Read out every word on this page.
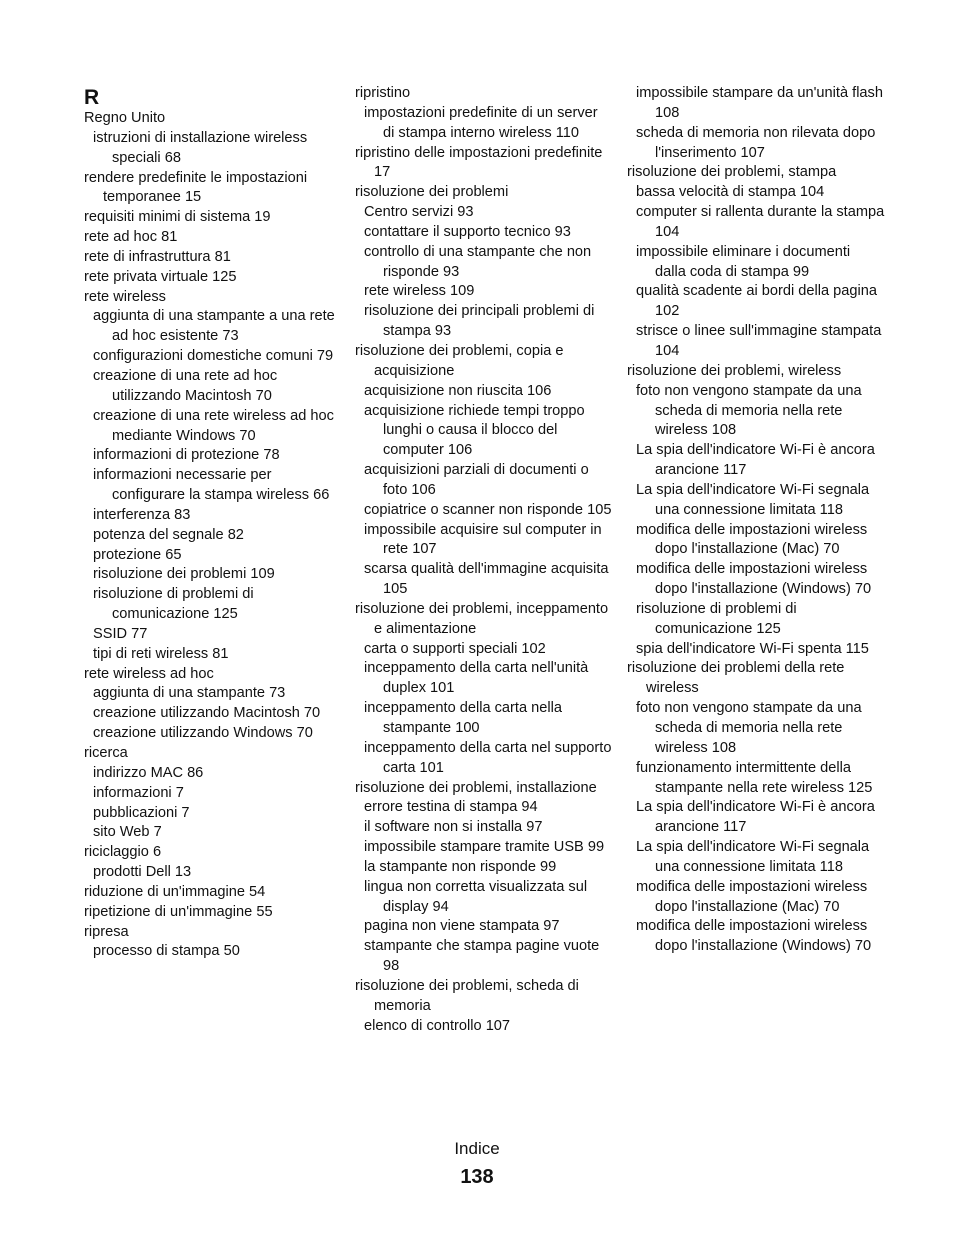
R
Regno Unito
istruzioni di installazione wireless speciali 68
rendere predefinite le impostazioni temporanee 15
requisiti minimi di sistema 19
rete ad hoc 81
rete di infrastruttura 81
rete privata virtuale 125
rete wireless
aggiunta di una stampante a una rete ad hoc esistente 73
configurazioni domestiche comuni 79
creazione di una rete ad hoc utilizzando Macintosh 70
creazione di una rete wireless ad hoc mediante Windows 70
informazioni di protezione 78
informazioni necessarie per configurare la stampa wireless 66
interferenza 83
potenza del segnale 82
protezione 65
risoluzione dei problemi 109
risoluzione di problemi di comunicazione 125
SSID 77
tipi di reti wireless 81
rete wireless ad hoc
aggiunta di una stampante 73
creazione utilizzando Macintosh 70
creazione utilizzando Windows 70
ricerca
indirizzo MAC 86
informazioni 7
pubblicazioni 7
sito Web 7
riciclaggio 6
prodotti Dell 13
riduzione di un'immagine 54
ripetizione di un'immagine 55
ripresa
processo di stampa 50
ripristino
impostazioni predefinite di un server di stampa interno wireless 110
ripristino delle impostazioni predefinite 17
risoluzione dei problemi
Centro servizi 93
contattare il supporto tecnico 93
controllo di una stampante che non risponde 93
rete wireless 109
risoluzione dei principali problemi di stampa 93
risoluzione dei problemi, copia e acquisizione
acquisizione non riuscita 106
acquisizione richiede tempi troppo lunghi o causa il blocco del computer 106
acquisizioni parziali di documenti o foto 106
copiatrice o scanner non risponde 105
impossibile acquisire sul computer in rete 107
scarsa qualità dell'immagine acquisita 105
risoluzione dei problemi, inceppamento e alimentazione
carta o supporti speciali 102
inceppamento della carta nell'unità duplex 101
inceppamento della carta nella stampante 100
inceppamento della carta nel supporto carta 101
risoluzione dei problemi, installazione
errore testina di stampa 94
il software non si installa 97
impossibile stampare tramite USB 99
la stampante non risponde 99
lingua non corretta visualizzata sul display 94
pagina non viene stampata 97
stampante che stampa pagine vuote 98
risoluzione dei problemi, scheda di memoria
elenco di controllo 107
impossibile stampare da un'unità flash 108
scheda di memoria non rilevata dopo l'inserimento 107
risoluzione dei problemi, stampa
bassa velocità di stampa 104
computer si rallenta durante la stampa 104
impossibile eliminare i documenti dalla coda di stampa 99
qualità scadente ai bordi della pagina 102
strisce o linee sull'immagine stampata 104
risoluzione dei problemi, wireless
foto non vengono stampate da una scheda di memoria nella rete wireless 108
La spia dell'indicatore Wi-Fi è ancora arancione 117
La spia dell'indicatore Wi-Fi segnala una connessione limitata 118
modifica delle impostazioni wireless dopo l'installazione (Mac) 70
modifica delle impostazioni wireless dopo l'installazione (Windows) 70
risoluzione di problemi di comunicazione 125
spia dell'indicatore Wi-Fi spenta 115
risoluzione dei problemi della rete wireless
foto non vengono stampate da una scheda di memoria nella rete wireless 108
funzionamento intermittente della stampante nella rete wireless 125
La spia dell'indicatore Wi-Fi è ancora arancione 117
La spia dell'indicatore Wi-Fi segnala una connessione limitata 118
modifica delle impostazioni wireless dopo l'installazione (Mac) 70
modifica delle impostazioni wireless dopo l'installazione (Windows) 70
Indice
138
